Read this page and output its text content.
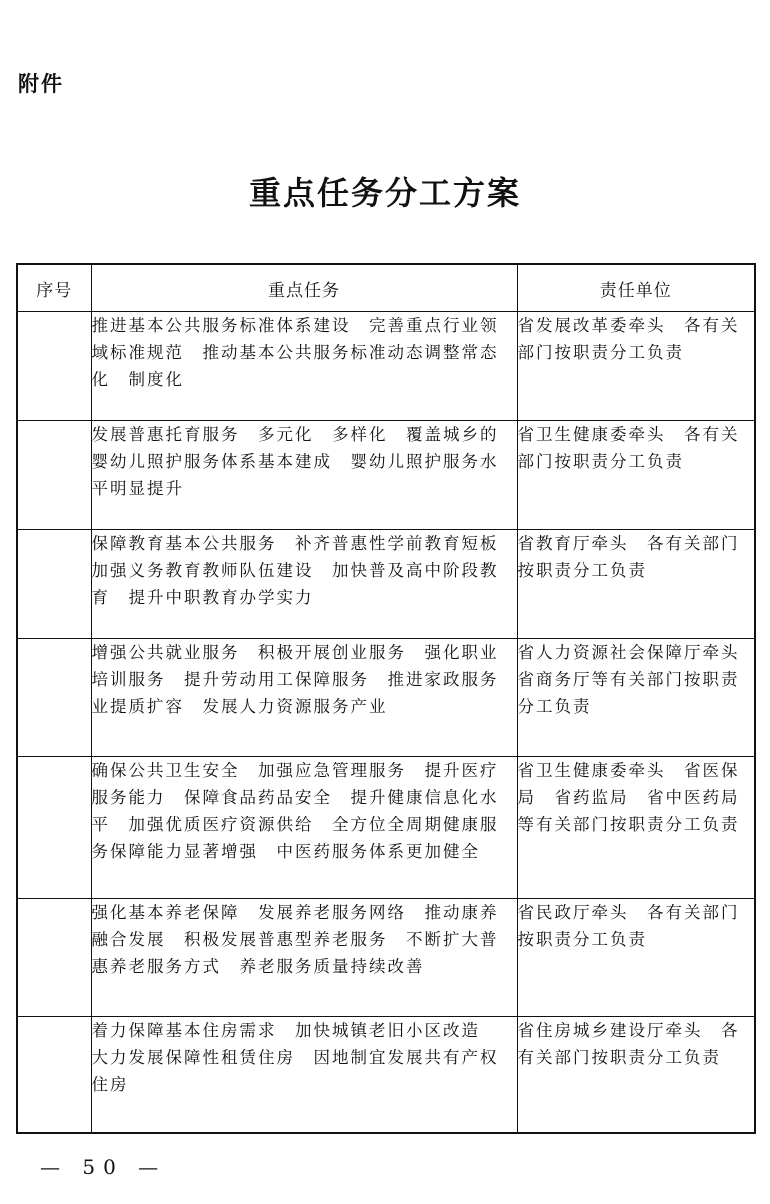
附件
重点任务分工方案
序号	重点任务	责任单位
	推进基本公共服务标准体系建设　完善重点行业领域标准规范　推动基本公共服务标准动态调整常态化　制度化	省发展改革委牵头　各有关部门按职责分工负责
	发展普惠托育服务　多元化　多样化　覆盖城乡的婴幼儿照护服务体系基本建成　婴幼儿照护服务水平明显提升	省卫生健康委牵头　各有关部门按职责分工负责
	保障教育基本公共服务　补齐普惠性学前教育短板　加强义务教育教师队伍建设　加快普及高中阶段教育　提升中职教育办学实力	省教育厅牵头　各有关部门按职责分工负责
	增强公共就业服务　积极开展创业服务　强化职业培训服务　提升劳动用工保障服务　推进家政服务业提质扩容　发展人力资源服务产业	省人力资源社会保障厅牵头　省商务厅等有关部门按职责分工负责
	确保公共卫生安全　加强应急管理服务　提升医疗服务能力　保障食品药品安全　提升健康信息化水平　加强优质医疗资源供给　全方位全周期健康服务保障能力显著增强　中医药服务体系更加健全	省卫生健康委牵头　省医保局　省药监局　省中医药局等有关部门按职责分工负责
	强化基本养老保障　发展养老服务网络　推动康养融合发展　积极发展普惠型养老服务　不断扩大普惠养老服务方式　养老服务质量持续改善	省民政厅牵头　各有关部门按职责分工负责
	着力保障基本住房需求　加快城镇老旧小区改造　大力发展保障性租赁住房　因地制宜发展共有产权住房	省住房城乡建设厅牵头　各有关部门按职责分工负责
— 50 —
